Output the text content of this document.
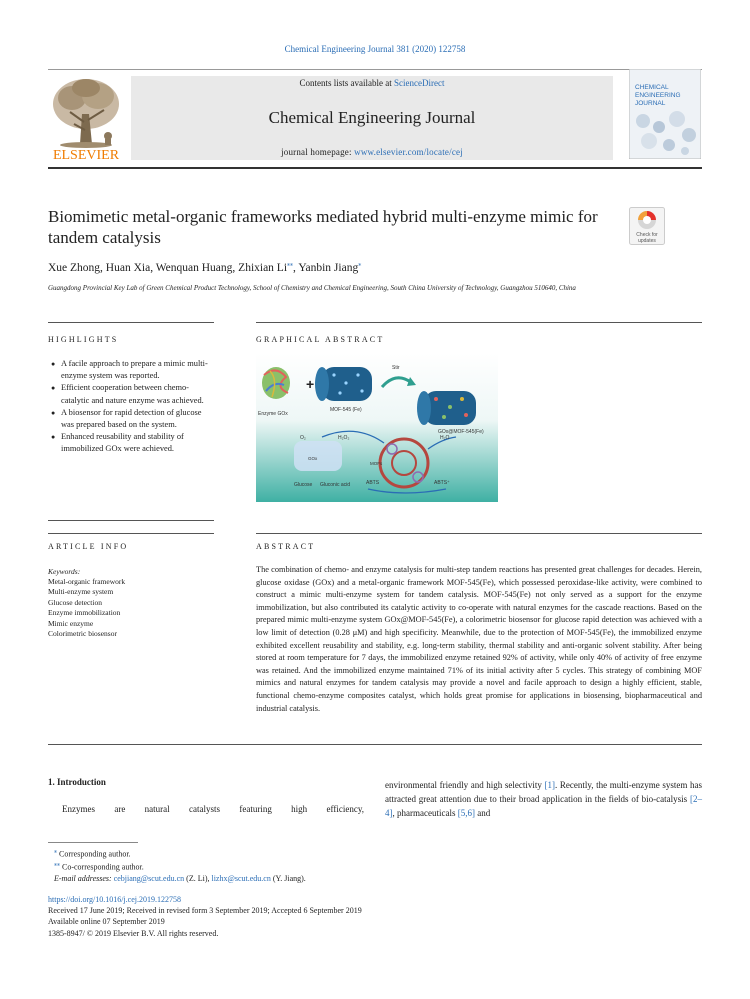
Chemical Engineering Journal 381 (2020) 122758
ELSEVIER
Contents lists available at ScienceDirect
Chemical Engineering Journal
journal homepage: www.elsevier.com/locate/cej
CHEMICAL
ENGINEERING
JOURNAL
Biomimetic metal-organic frameworks mediated hybrid multi-enzyme mimic for tandem catalysis	Check for
updates
Xue Zhong, Huan Xia, Wenquan Huang, Zhixian Li⁎⁎, Yanbin Jiang⁎
Guangdong Provincial Key Lab of Green Chemical Product Technology, School of Chemistry and Chemical Engineering, South China University of Technology, Guangzhou 510640, China
HIGHLIGHTS
● A facile approach to prepare a mimic multi-enzyme system was reported.
● Efficient cooperation between chemo-catalytic and nature enzyme was achieved.
● A biosensor for rapid detection of glucose was prepared based on the system.
● Enhanced reusability and stability of immobilized GOx were achieved.
GRAPHICAL ABSTRACT
Enzyme GOx
+
MOF-545 (Fe)
Stir
GOx@MOF-545(Fe)
O₂	H₂O₂	H₂O
GOx
MOFs
Glucose Gluconic acid	ABTS	ABTS⁺
ARTICLE INFO
Keywords:
Metal-organic framework
Multi-enzyme system
Glucose detection
Enzyme immobilization
Mimic enzyme
Colorimetric biosensor
ABSTRACT

The combination of chemo- and enzyme catalysis for multi-step tandem reactions has presented great challenges for decades. Herein, glucose oxidase (GOx) and a metal-organic framework MOF-545(Fe), which possessed peroxidase-like activity, were combined to construct a mimic multi-enzyme system for tandem catalysis. MOF-545(Fe) not only served as a support for the enzyme immobilization, but also contributed its catalytic activity to co-operate with natural enzymes for the cascade reactions. Based on the prepared mimic multi-enzyme system GOx@MOF-545(Fe), a colorimetric biosensor for glucose rapid detection was achieved with a low limit of detection (0.28 μM) and high specificity. Meanwhile, due to the protection of MOF-545(Fe), the immobilized enzyme exhibited excellent reusability and stability, e.g. long-term stability, thermal stability and anti-organic solvent stability. After being stored at room temperature for 7 days, the immobilized enzyme retained 92% of activity, while only 40% of activity of free enzyme was retained. And the immobilized enzyme maintained 71% of its initial activity after 5 cycles. This strategy of combining MOF mimics and natural enzymes for tandem catalysis may provide a novel and facile approach to design a highly efficient, stable, functional chemo-enzyme composites catalyst, which holds great promise for applications in biosensing, biopharmaceutical and industrial catalysis.

1. Introduction

Enzymes are natural catalysts featuring high efficiency,

environmental friendly and high selectivity [1]. Recently, the multi-enzyme system has attracted great attention due to their broad application in the fields of bio-catalysis [2–4], pharmaceuticals [5,6] and

⁎ Corresponding author.
⁎⁎ Co-corresponding author.
E-mail addresses: cebjiang@scut.edu.cn (Z. Li), lizhx@scut.edu.cn (Y. Jiang).
https://doi.org/10.1016/j.cej.2019.122758
Received 17 June 2019; Received in revised form 3 September 2019; Accepted 6 September 2019
Available online 07 September 2019
1385-8947/ © 2019 Elsevier B.V. All rights reserved.
